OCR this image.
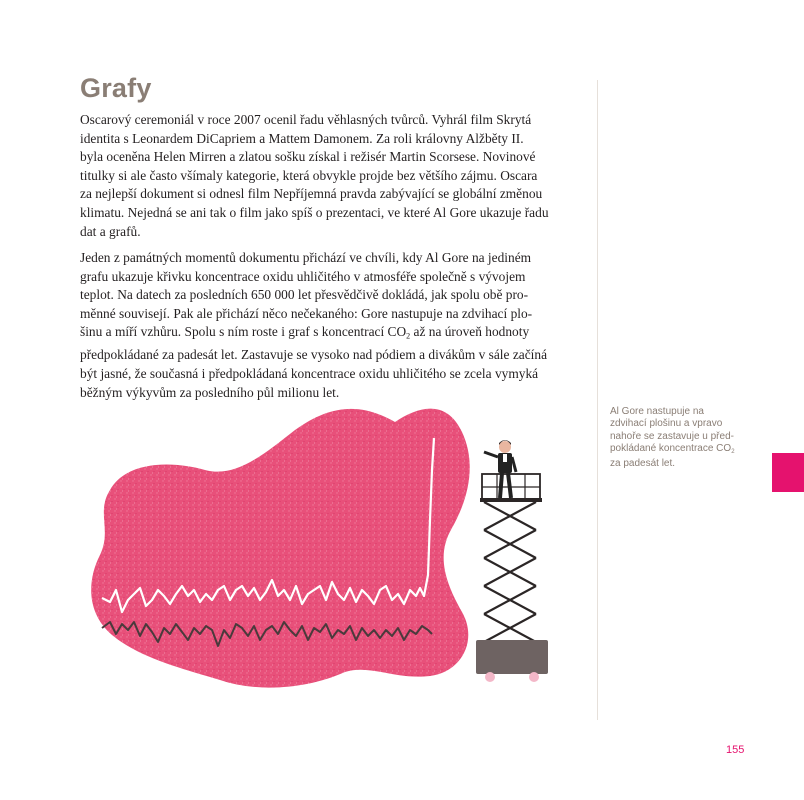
Grafy

Oscarový ceremoniál v roce 2007 ocenil řadu věhlasných tvůrců. Vyhrál film Skrytá
identita s Leonardem DiCapriem a Mattem Damonem. Za roli královny Alžběty II.
byla oceněna Helen Mirren a zlatou sošku získal i režisér Martin Scorsese. Novinové
titulky si ale často všímaly kategorie, která obvykle projde bez většího zájmu. Oscara
za nejlepší dokument si odnesl film Nepříjemná pravda zabývající se globální změnou
klimatu. Nejedná se ani tak o film jako spíš o prezentaci, ve které Al Gore ukazuje řadu
dat a grafů.

Jeden z památných momentů dokumentu přichází ve chvíli, kdy Al Gore na jediném
grafu ukazuje křivku koncentrace oxidu uhličitého v atmosféře společně s vývojem
teplot. Na datech za posledních 650 000 let přesvědčivě dokládá, jak spolu obě pro-
měnné souvisejí. Pak ale přichází něco nečekaného: Gore nastupuje na zdvihací plo-
šinu a míří vzhůru. Spolu s ním roste i graf s koncentrací $CO_2$ až na úroveň hodnoty
předpokládané za padesát let. Zastavuje se vysoko nad pódiem a divákům v sále začíná
být jasné, že současná i předpokládaná koncentrace oxidu uhličitého se zcela vymyká
běžným výkyvům za posledního půl milionu let.

Al Gore nastupuje na
zdvihací plošinu a vpravo
nahoře se zastavuje u před-
pokládané koncentrace $CO_2$
za padesát let.

155
